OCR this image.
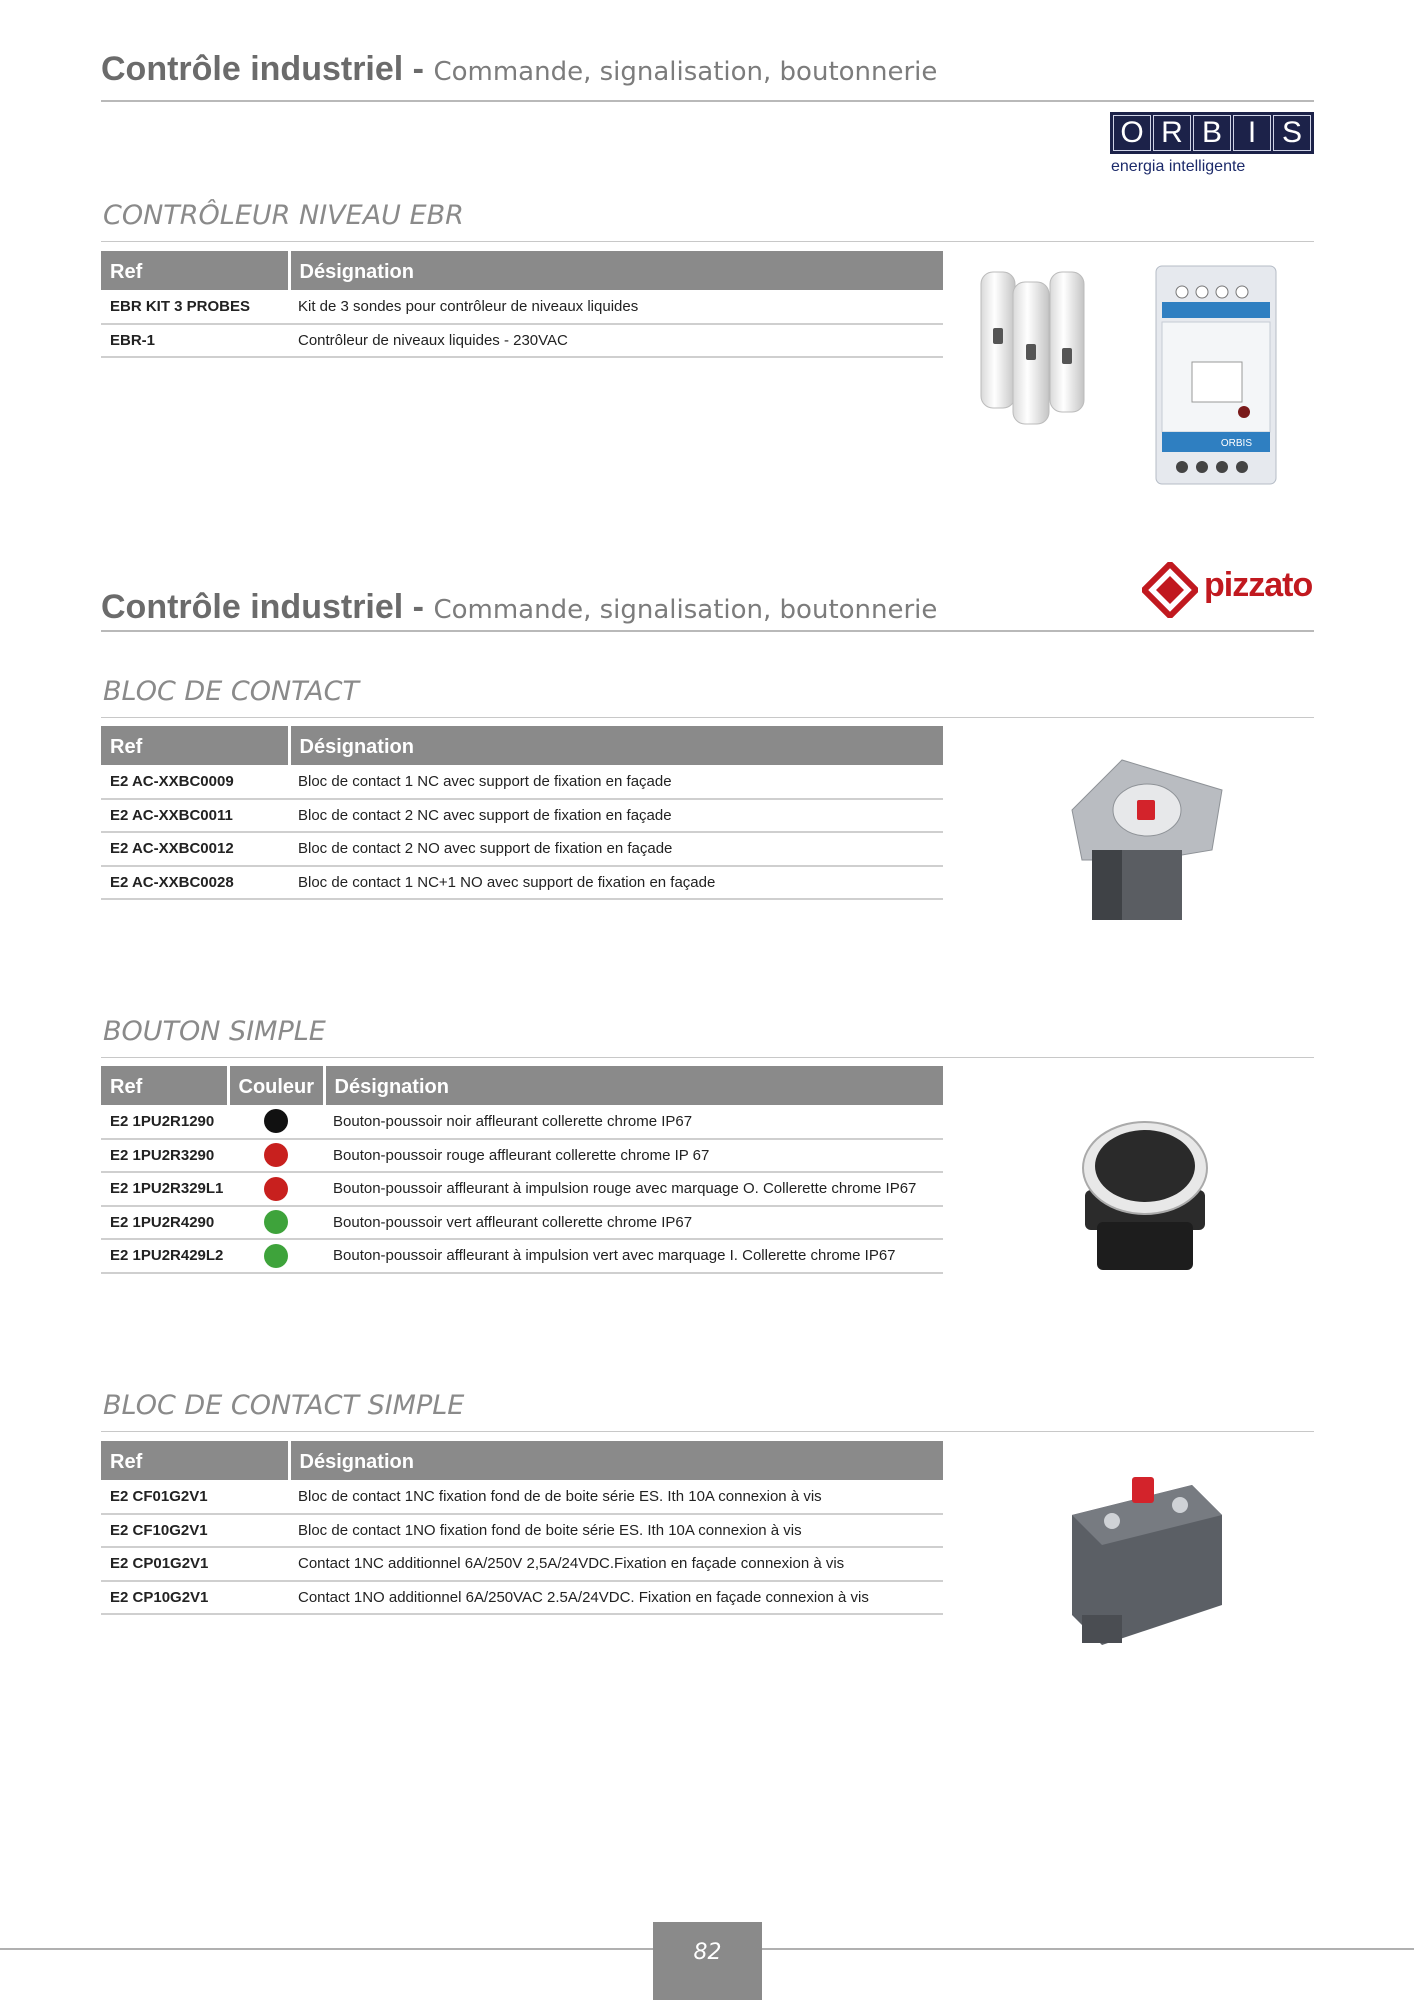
Contrôle industriel - Commande, signalisation, boutonnerie
O R B I S
energia intelligente
CONTRÔLEUR NIVEAU EBR
Ref	Désignation
EBR KIT 3 PROBES	Kit de 3 sondes pour contrôleur de niveaux liquides
EBR-1	Contrôleur de niveaux liquides - 230VAC
ORBIS
pizzato
Contrôle industriel - Commande, signalisation, boutonnerie
BLOC DE CONTACT
Ref	Désignation
E2 AC-XXBC0009	Bloc de contact 1 NC avec support de fixation en façade
E2 AC-XXBC0011	Bloc de contact 2 NC avec support de fixation en façade
E2 AC-XXBC0012	Bloc de contact 2 NO avec support de fixation en façade
E2 AC-XXBC0028	Bloc de contact 1 NC+1 NO avec support de fixation en façade
BOUTON SIMPLE
Ref	Couleur	Désignation
E2 1PU2R1290		Bouton-poussoir noir affleurant collerette chrome IP67
E2 1PU2R3290		Bouton-poussoir rouge affleurant collerette chrome IP 67
E2 1PU2R329L1		Bouton-poussoir affleurant à impulsion rouge avec marquage O. Collerette chrome IP67
E2 1PU2R4290		Bouton-poussoir vert affleurant collerette chrome IP67
E2 1PU2R429L2		Bouton-poussoir affleurant à impulsion vert avec marquage I. Collerette chrome IP67
BLOC DE CONTACT SIMPLE
Ref	Désignation
E2 CF01G2V1	Bloc de contact 1NC fixation fond de de boite série ES. Ith 10A connexion à vis
E2 CF10G2V1	Bloc de contact 1NO fixation fond de boite série ES. Ith 10A connexion à vis
E2 CP01G2V1	Contact 1NC additionnel 6A/250V 2,5A/24VDC.Fixation en façade connexion à vis
E2 CP10G2V1	Contact 1NO additionnel 6A/250VAC 2.5A/24VDC. Fixation en façade connexion à vis
82
